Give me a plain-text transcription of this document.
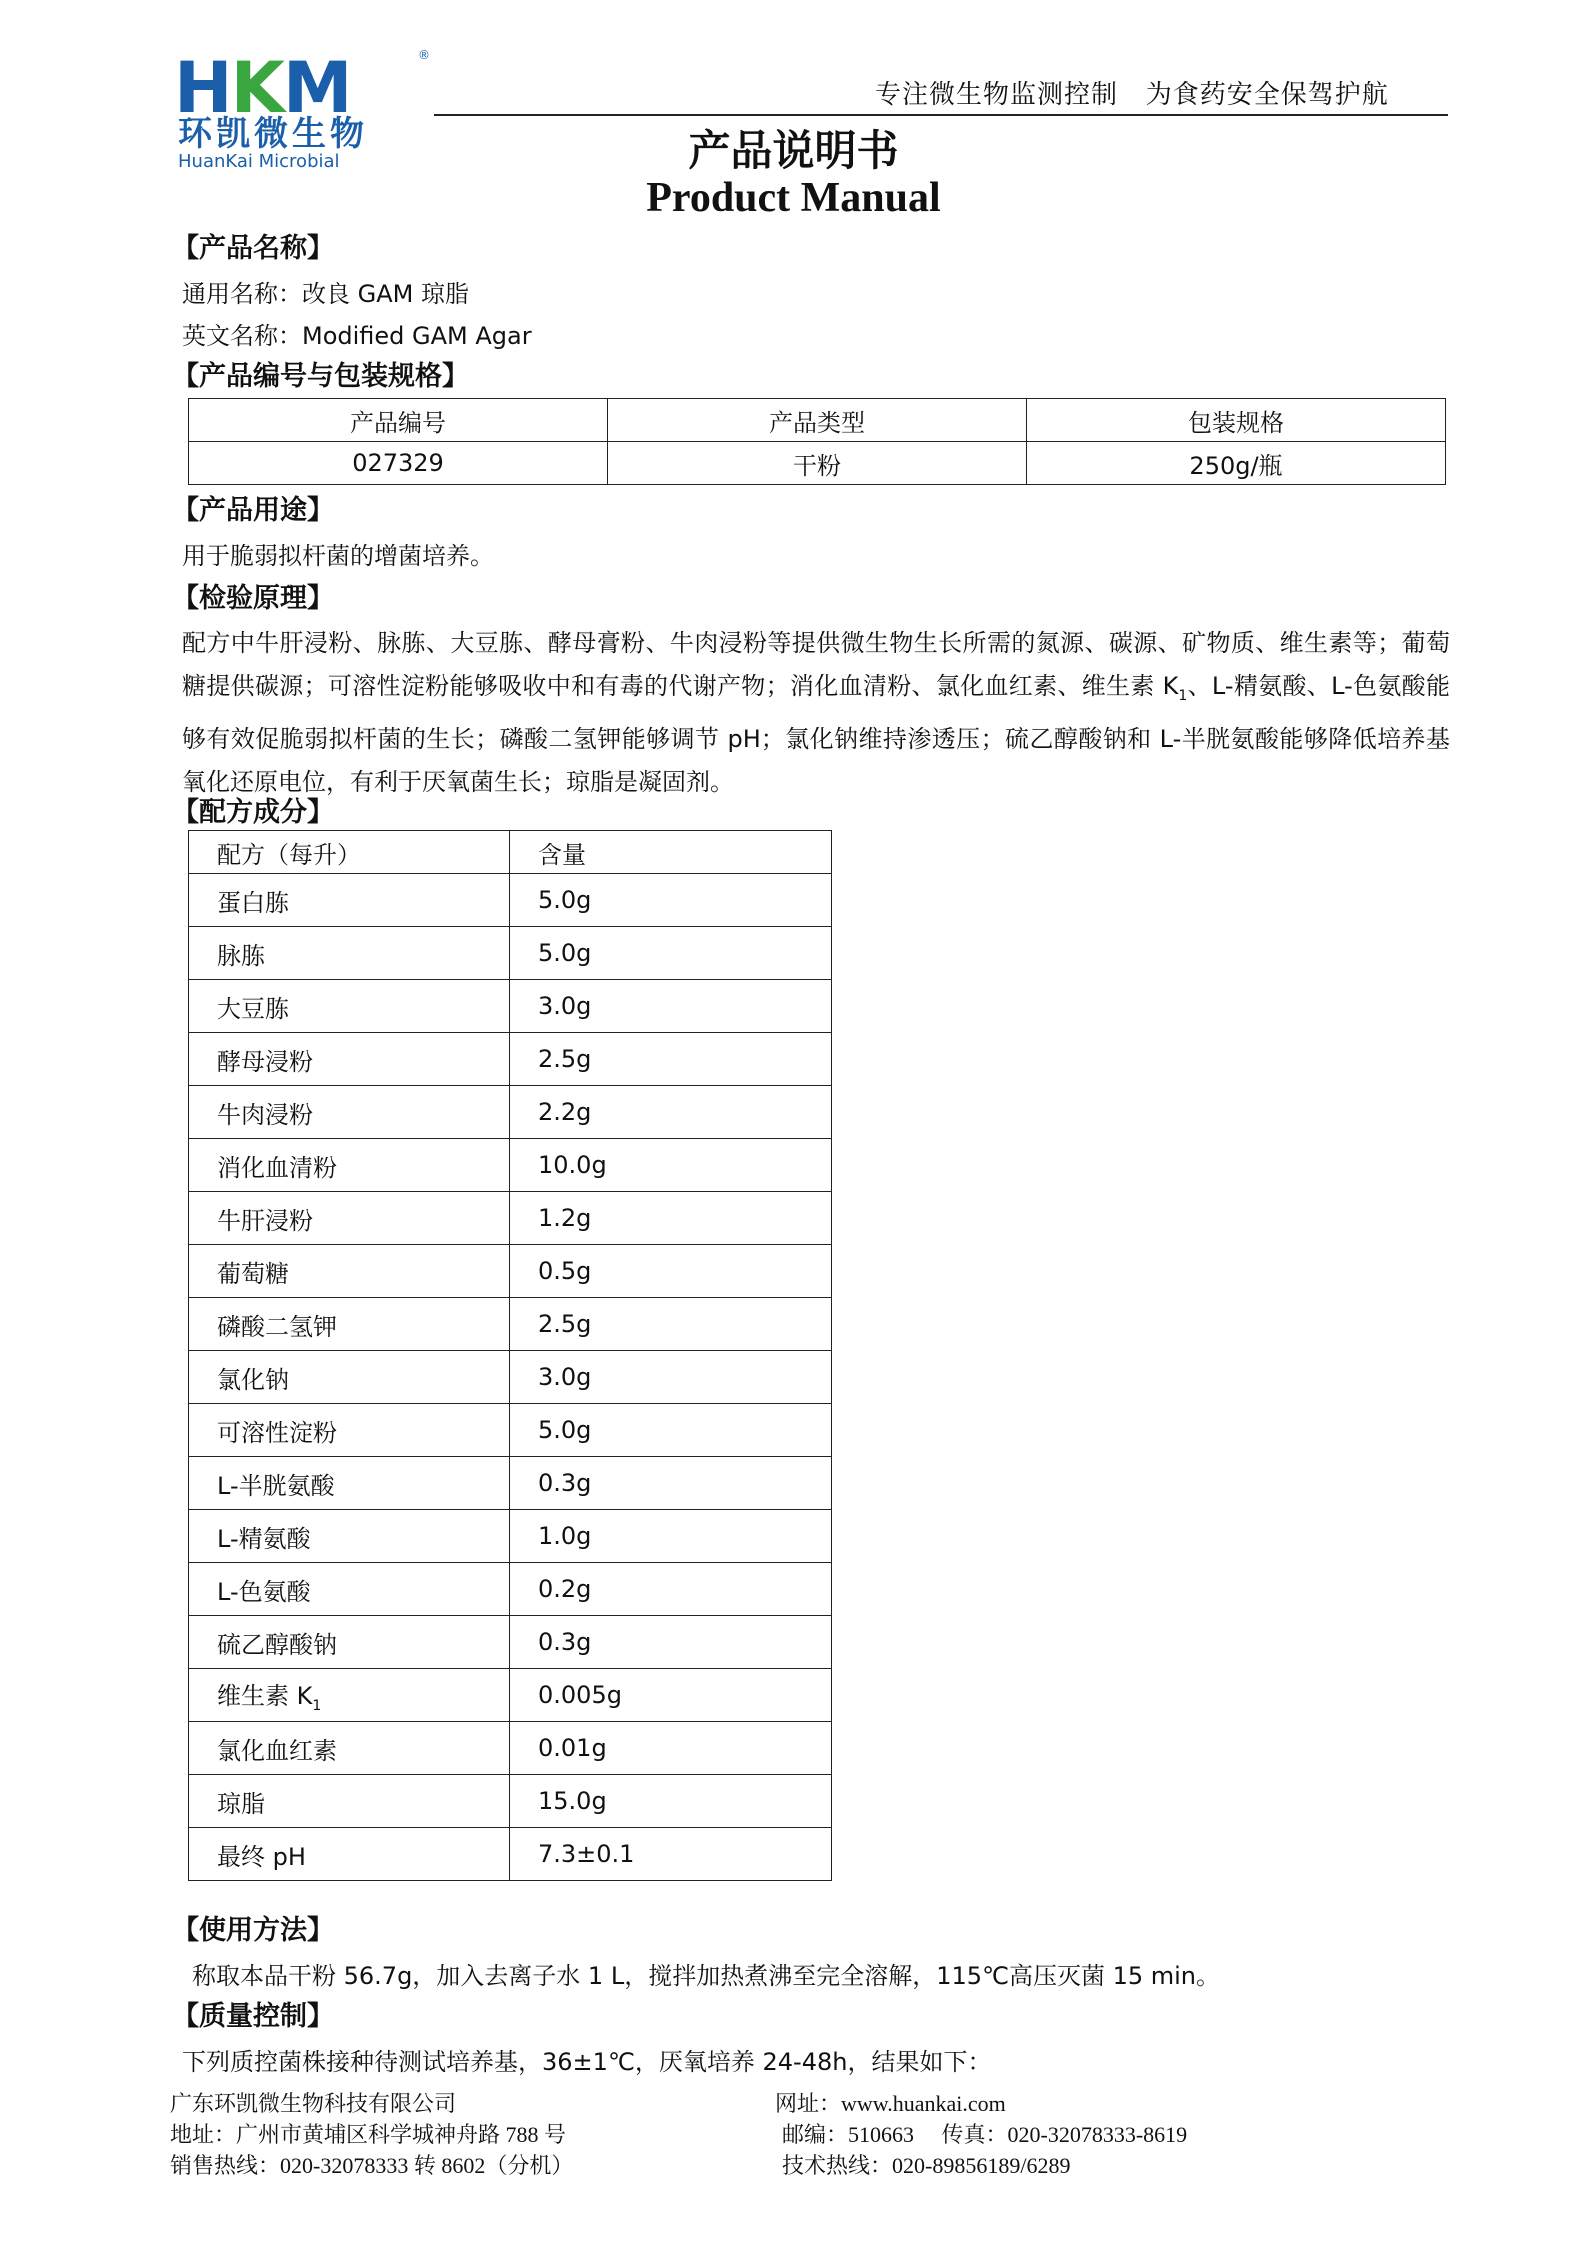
HKM	®
环凯微生物
HuanKai Microbial
专注微生物监测控制   为食药安全保驾护航
产品说明书
Product Manual
【产品名称】
通用名称：改良 GAM 琼脂
英文名称：Modified GAM Agar
【产品编号与包装规格】
产品编号	产品类型	包装规格
027329	干粉	250g/瓶
【产品用途】
用于脆弱拟杆菌的增菌培养。
【检验原理】
配方中牛肝浸粉、脉胨、大豆胨、酵母膏粉、牛肉浸粉等提供微生物生长所需的氮源、碳源、矿物质、维生素等；葡萄糖提供碳源；可溶性淀粉能够吸收中和有毒的代谢产物；消化血清粉、氯化血红素、维生素 $K_1$、L-精氨酸、L-色氨酸能够有效促脆弱拟杆菌的生长；磷酸二氢钾能够调节 pH；氯化钠维持渗透压；硫乙醇酸钠和 L-半胱氨酸能够降低培养基氧化还原电位，有利于厌氧菌生长；琼脂是凝固剂。
【配方成分】
配方（每升）	含量
蛋白胨	5.0g
脉胨	5.0g
大豆胨	3.0g
酵母浸粉	2.5g
牛肉浸粉	2.2g
消化血清粉	10.0g
牛肝浸粉	1.2g
葡萄糖	0.5g
磷酸二氢钾	2.5g
氯化钠	3.0g
可溶性淀粉	5.0g
L-半胱氨酸	0.3g
L-精氨酸	1.0g
L-色氨酸	0.2g
硫乙醇酸钠	0.3g
维生素 $K_1$	0.005g
氯化血红素	0.01g
琼脂	15.0g
最终 pH	7.3±0.1
【使用方法】
称取本品干粉 56.7g，加入去离子水 1 L，搅拌加热煮沸至完全溶解，115℃高压灭菌 15 min。
【质量控制】
下列质控菌株接种待测试培养基，36±1℃，厌氧培养 24-48h，结果如下：
广东环凯微生物科技有限公司
地址：广州市黄埔区科学城神舟路 788 号
销售热线：020-32078333 转 8602（分机）
网址：www.huankai.com
邮编：510663     传真：020-32078333-8619
技术热线：020-89856189/6289
